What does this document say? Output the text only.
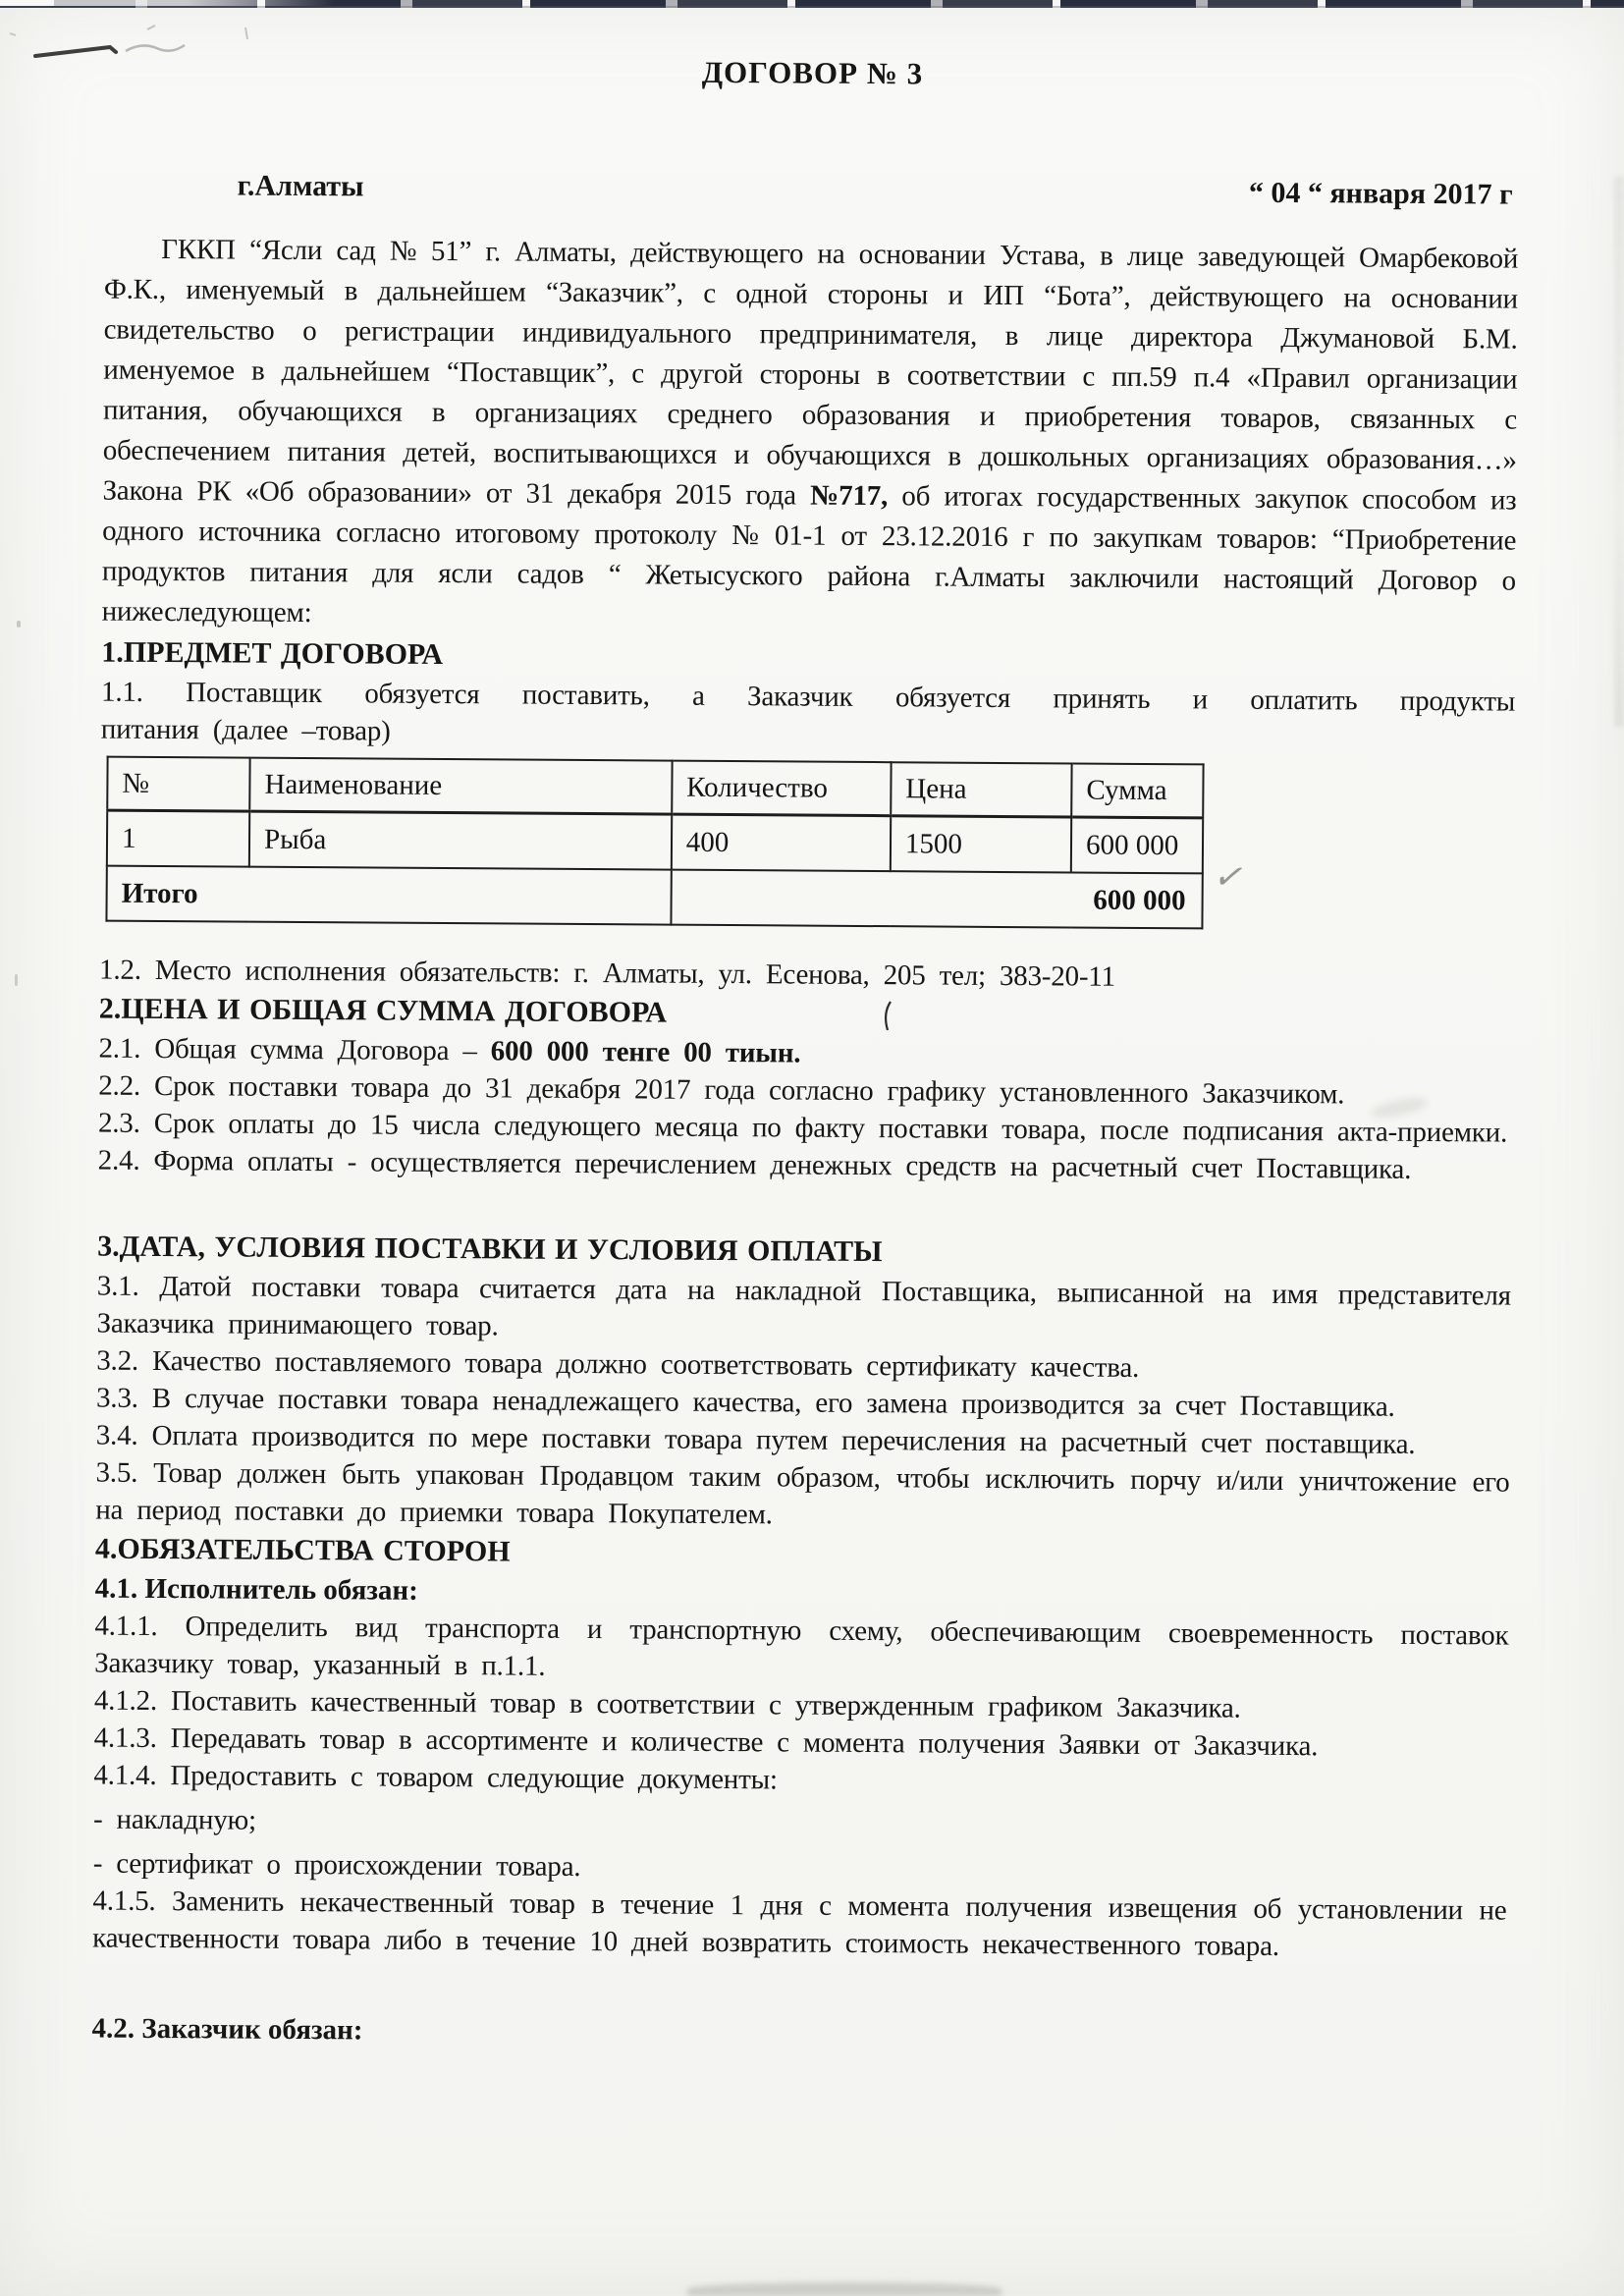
✓
ДОГОВОР № 3
г.Алматы	“ 04 “ января 2017 г

ГККП “Ясли сад № 51” г. Алматы, действующего на основании Устава, в лице заведующей Омарбековой Ф.К., именуемый в дальнейшем “Заказчик”, с одной стороны и ИП “Бота”, действующего на основании свидетельство о регистрации индивидуального предпринимателя, в лице директора Джумановой Б.М. именуемое в дальнейшем “Поставщик”, с другой стороны в соответствии с пп.59 п.4 «Правил организации питания, обучающихся в организациях среднего образования и приобретения товаров, связанных с обеспечением питания детей, воспитывающихся и обучающихся в дошкольных организациях образования…» Закона РК «Об образовании» от 31 декабря 2015 года №717, об итогах государственных закупок способом из одного источника согласно итоговому протоколу № 01-1 от 23.12.2016 г по закупкам товаров: “Приобретение продуктов питания для ясли садов “ Жетысуского района г.Алматы заключили настоящий Договор о нижеследующем:

1.ПРЕДМЕТ ДОГОВОРА

1.1. Поставщик обязуется поставить, а Заказчик обязуется принять и оплатить продукты
питания (далее –товар)

№	Наименование	Количество	Цена	Сумма
1	Рыба	400	1500	600 000
Итого		600 000		

1.2. Место исполнения обязательств: г. Алматы, ул. Есенова, 205 тел; 383-20-11

2.ЦЕНА И ОБЩАЯ СУММА ДОГОВОРА

2.1. Общая сумма Договора – 600 000 тенге 00 тиын.

2.2. Срок поставки товара до 31 декабря 2017 года согласно графику установленного Заказчиком.

2.3. Срок оплаты до 15 числа следующего месяца по факту поставки товара, после подписания акта-приемки.

2.4. Форма оплаты - осуществляется перечислением денежных средств на расчетный счет Поставщика.

3.ДАТА, УСЛОВИЯ ПОСТАВКИ И УСЛОВИЯ ОПЛАТЫ

3.1. Датой поставки товара считается дата на накладной Поставщика, выписанной на имя представителя Заказчика принимающего товар.

3.2. Качество поставляемого товара должно соответствовать сертификату качества.

3.3. В случае поставки товара ненадлежащего качества, его замена производится за счет Поставщика.

3.4. Оплата производится по мере поставки товара путем перечисления на расчетный счет поставщика.

3.5. Товар должен быть упакован Продавцом таким образом, чтобы исключить порчу и/или уничтожение его на период поставки до приемки товара Покупателем.

4.ОБЯЗАТЕЛЬСТВА СТОРОН
4.1. Исполнитель обязан:

4.1.1. Определить вид транспорта и транспортную схему, обеспечивающим своевременность поставок Заказчику товар, указанный в п.1.1.

4.1.2. Поставить качественный товар в соответствии с утвержденным графиком Заказчика.

4.1.3. Передавать товар в ассортименте и количестве с момента получения Заявки от Заказчика.

4.1.4. Предоставить с товаром следующие документы:

- накладную;

- сертификат о происхождении товара.

4.1.5. Заменить некачественный товар в течение 1 дня с момента получения извещения об установлении не качественности товара либо в течение 10 дней возвратить стоимость некачественного товара.

4.2. Заказчик обязан:
